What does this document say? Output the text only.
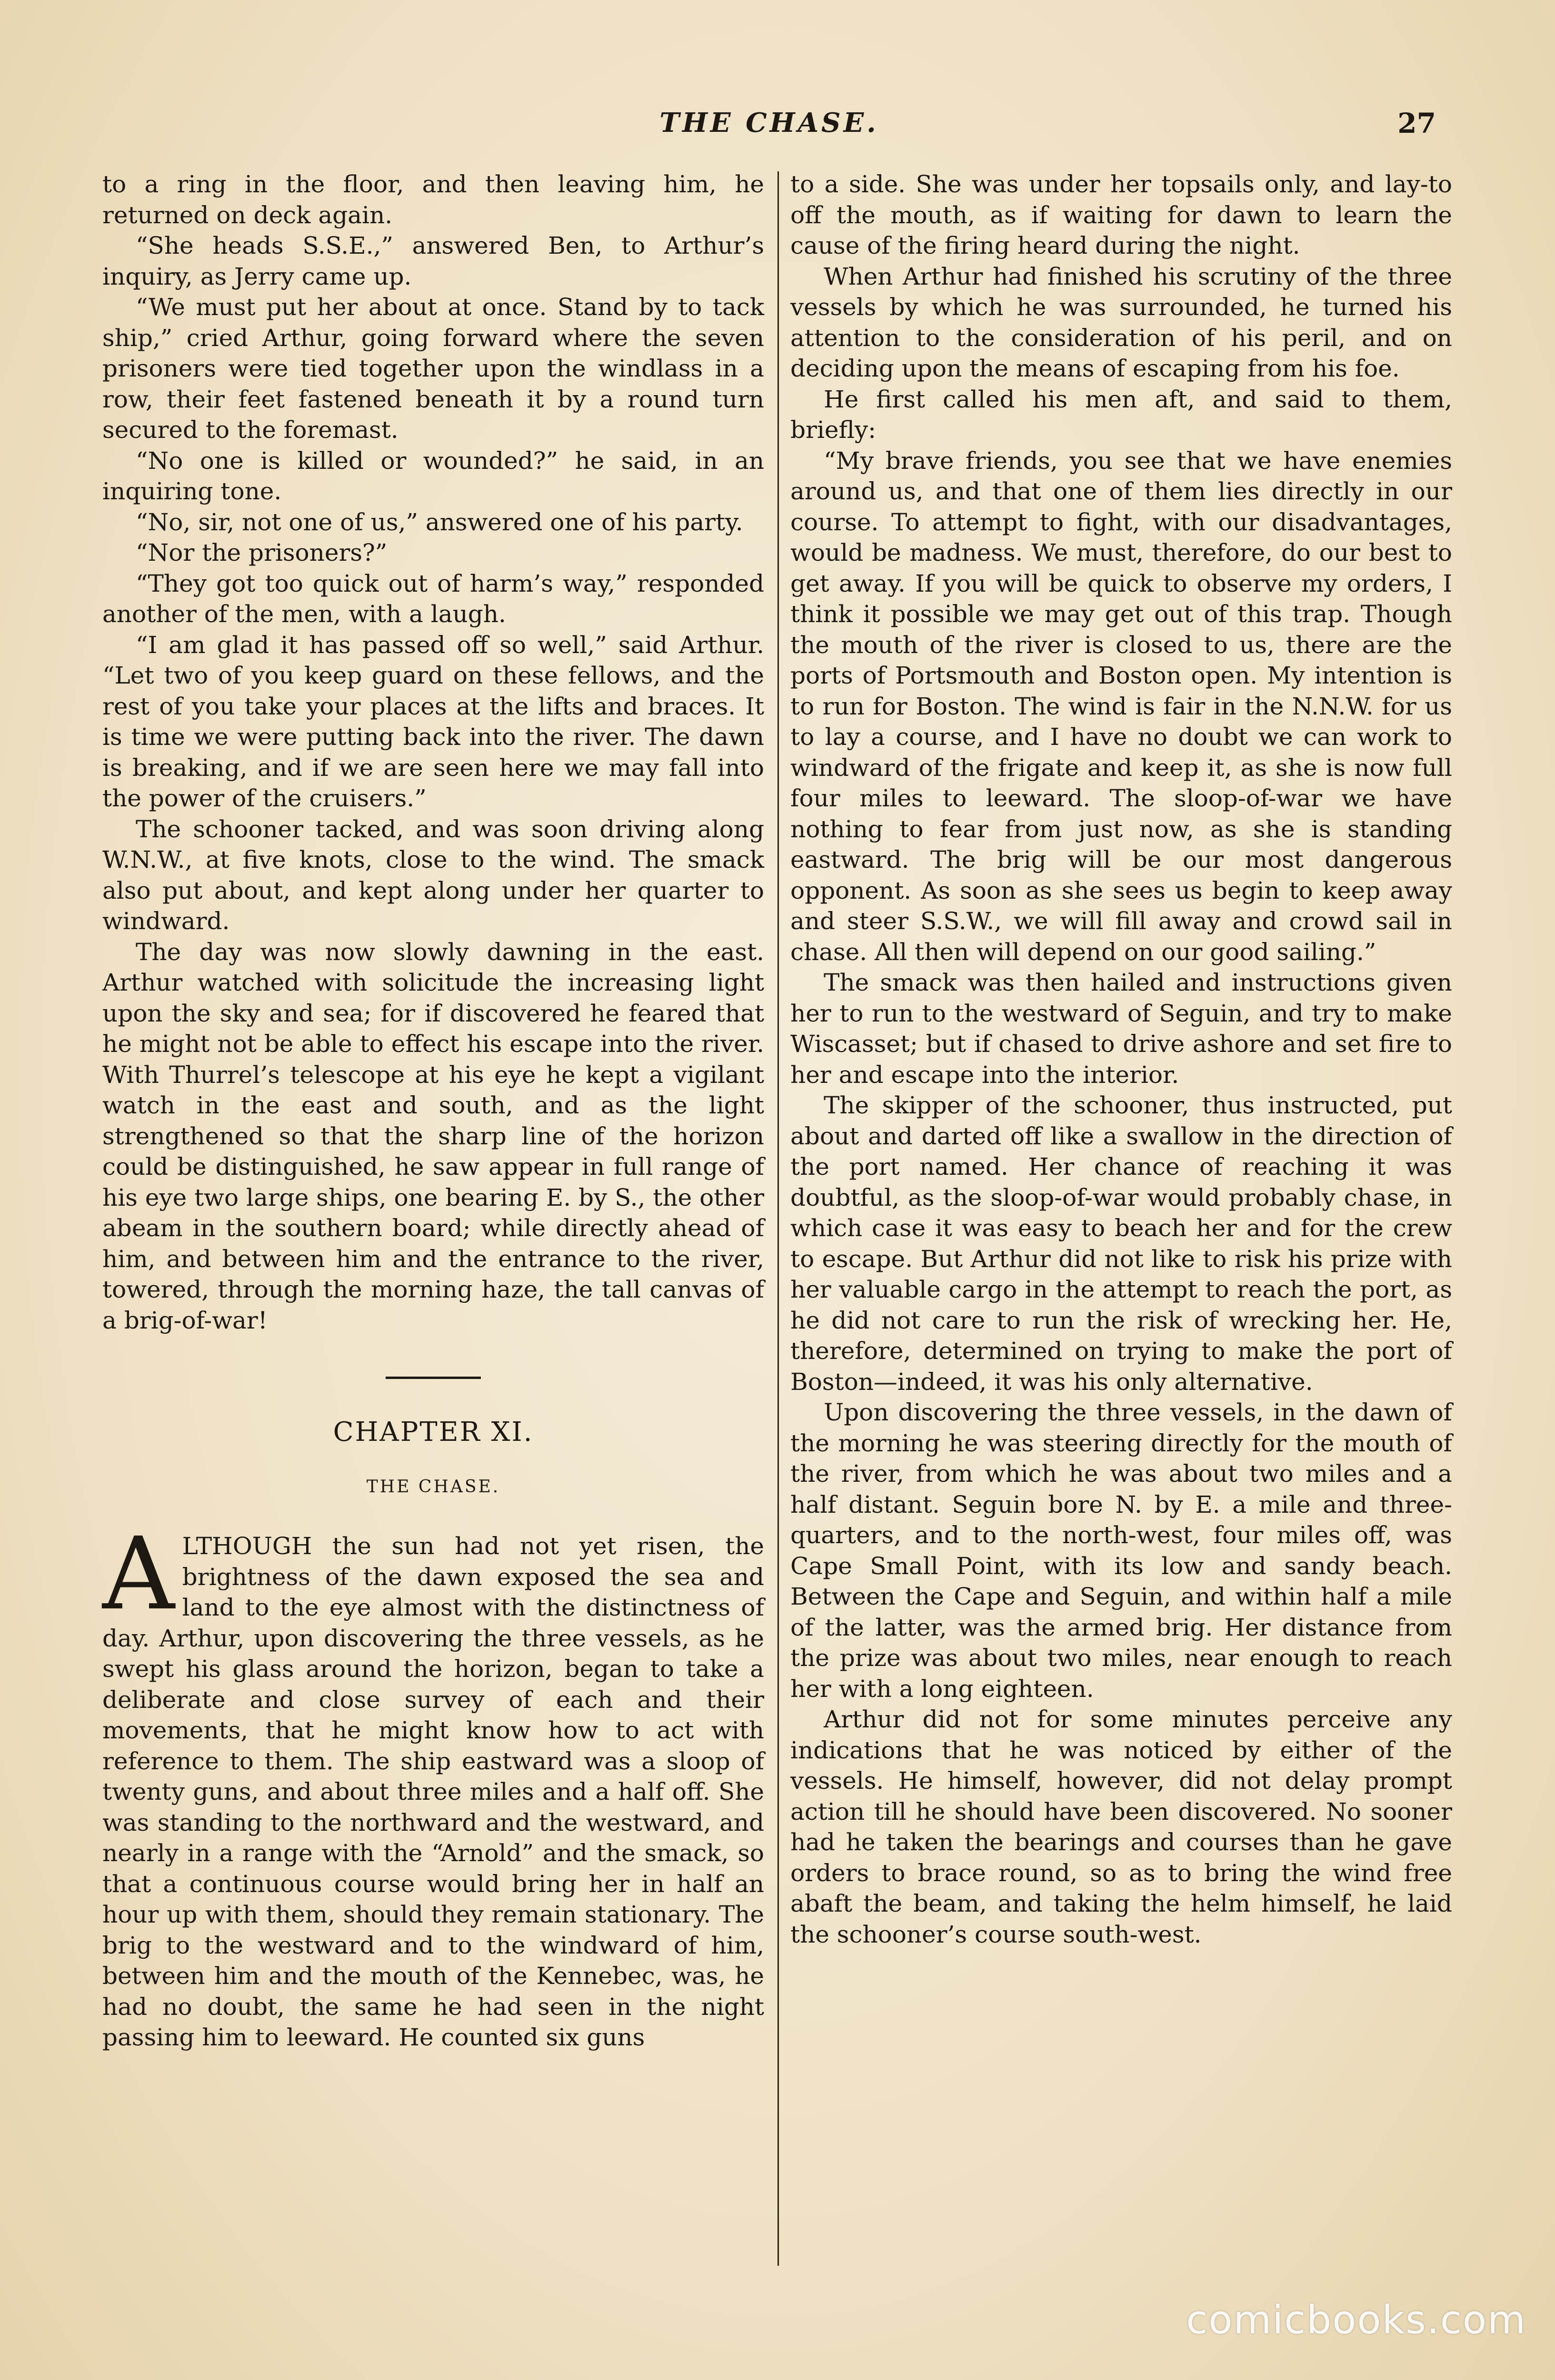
THE CHASE.	27

to a ring in the floor, and then leaving him, he returned on deck again.

“She heads S.S.E.,” answered Ben, to Arthur’s inquiry, as Jerry came up.

“We must put her about at once. Stand by to tack ship,” cried Arthur, going forward where the seven prisoners were tied together upon the windlass in a row, their feet fastened beneath it by a round turn secured to the foremast.

“No one is killed or wounded?” he said, in an inquiring tone.

“No, sir, not one of us,” answered one of his party.

“Nor the prisoners?”

“They got too quick out of harm’s way,” responded another of the men, with a laugh.

“I am glad it has passed off so well,” said Arthur. “Let two of you keep guard on these fellows, and the rest of you take your places at the lifts and braces. It is time we were putting back into the river. The dawn is breaking, and if we are seen here we may fall into the power of the cruisers.”

The schooner tacked, and was soon driving along W.N.W., at five knots, close to the wind. The smack also put about, and kept along under her quarter to windward.

The day was now slowly dawning in the east. Arthur watched with solicitude the increasing light upon the sky and sea; for if discovered he feared that he might not be able to effect his escape into the river. With Thurrel’s telescope at his eye he kept a vigilant watch in the east and south, and as the light strengthened so that the sharp line of the horizon could be distinguished, he saw appear in full range of his eye two large ships, one bearing E. by S., the other abeam in the southern board; while directly ahead of him, and between him and the entrance to the river, towered, through the morning haze, the tall canvas of a brig-of-war!

CHAPTER XI.
THE CHASE.

ALTHOUGH the sun had not yet risen, the brightness of the dawn exposed the sea and land to the eye almost with the distinctness of day. Arthur, upon discovering the three vessels, as he swept his glass around the horizon, began to take a deliberate and close survey of each and their movements, that he might know how to act with reference to them. The ship eastward was a sloop of twenty guns, and about three miles and a half off. She was standing to the northward and the westward, and nearly in a range with the “Arnold” and the smack, so that a continuous course would bring her in half an hour up with them, should they remain stationary. The brig to the westward and to the windward of him, between him and the mouth of the Kennebec, was, he had no doubt, the same he had seen in the night passing him to leeward. He counted six guns

to a side. She was under her topsails only, and lay-to off the mouth, as if waiting for dawn to learn the cause of the firing heard during the night.

When Arthur had finished his scrutiny of the three vessels by which he was surrounded, he turned his attention to the consideration of his peril, and on deciding upon the means of escaping from his foe.

He first called his men aft, and said to them, briefly:

“My brave friends, you see that we have enemies around us, and that one of them lies directly in our course. To attempt to fight, with our disadvantages, would be madness. We must, therefore, do our best to get away. If you will be quick to observe my orders, I think it possible we may get out of this trap. Though the mouth of the river is closed to us, there are the ports of Portsmouth and Boston open. My intention is to run for Boston. The wind is fair in the N.N.W. for us to lay a course, and I have no doubt we can work to windward of the frigate and keep it, as she is now full four miles to leeward. The sloop-of-war we have nothing to fear from just now, as she is standing eastward. The brig will be our most dangerous opponent. As soon as she sees us begin to keep away and steer S.S.W., we will fill away and crowd sail in chase. All then will depend on our good sailing.”

The smack was then hailed and instructions given her to run to the westward of Seguin, and try to make Wiscasset; but if chased to drive ashore and set fire to her and escape into the interior.

The skipper of the schooner, thus instructed, put about and darted off like a swallow in the direction of the port named. Her chance of reaching it was doubtful, as the sloop-of-war would probably chase, in which case it was easy to beach her and for the crew to escape. But Arthur did not like to risk his prize with her valuable cargo in the attempt to reach the port, as he did not care to run the risk of wrecking her. He, therefore, determined on trying to make the port of Boston—indeed, it was his only alternative.

Upon discovering the three vessels, in the dawn of the morning he was steering directly for the mouth of the river, from which he was about two miles and a half distant. Seguin bore N. by E. a mile and three-quarters, and to the north-west, four miles off, was Cape Small Point, with its low and sandy beach. Between the Cape and Seguin, and within half a mile of the latter, was the armed brig. Her distance from the prize was about two miles, near enough to reach her with a long eighteen.

Arthur did not for some minutes perceive any indications that he was noticed by either of the vessels. He himself, however, did not delay prompt action till he should have been discovered. No sooner had he taken the bearings and courses than he gave orders to brace round, so as to bring the wind free abaft the beam, and taking the helm himself, he laid the schooner’s course south-west.

comicbooks.com
